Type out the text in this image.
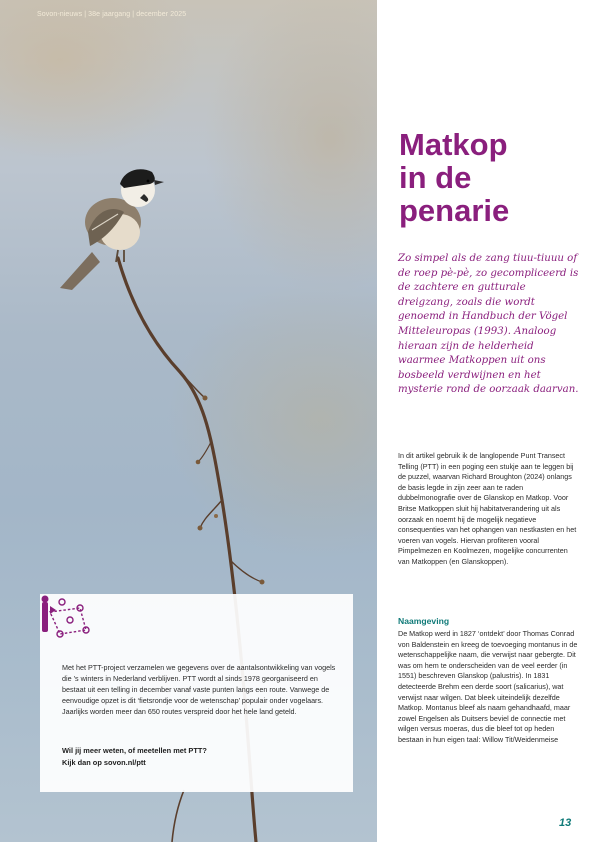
Sovon-nieuws | 38e jaargang | december 2025

Met het PTT-project verzamelen we gegevens over de aantalsontwikkeling van vogels die ’s winters in Nederland verblijven. PTT wordt al sinds 1978 georganiseerd en bestaat uit een telling in december vanaf vaste punten langs een route. Vanwege de eenvoudige opzet is dit ‘fietsrondje voor de wetenschap’ populair onder vogelaars. Jaarlijks worden meer dan 650 routes verspreid door het hele land geteld.

Wil jij meer weten, of meetellen met PTT?
Kijk dan op sovon.nl/ptt

Matkop
in de
penarie

Zo simpel als de zang tiuu-tiuuu of de roep pè-pè, zo gecompliceerd is de zachtere en gutturale dreigzang, zoals die wordt genoemd in Handbuch der Vögel Mitteleuropas (1993). Analoog hieraan zijn de helderheid waarmee Matkoppen uit ons bosbeeld verdwijnen en het mysterie rond de oorzaak daarvan.

In dit artikel gebruik ik de langlopende Punt Transect Telling (PTT) in een poging een stukje aan te leggen bij de puzzel, waarvan Richard Broughton (2024) onlangs de basis legde in zijn zeer aan te raden dubbelmonografie over de Glanskop en Matkop. Voor Britse Matkoppen sluit hij habitatverandering uit als oorzaak en noemt hij de mogelijk negatieve consequenties van het ophangen van nestkasten en het voeren van vogels. Hiervan profiteren vooral Pimpelmezen en Koolmezen, mogelijke concurrenten van Matkoppen (en Glanskoppen).

Naamgeving

De Matkop werd in 1827 ‘ontdekt’ door Thomas Conrad von Baldenstein en kreeg de toevoeging montanus in de wetenschappelijke naam, die verwijst naar gebergte. Dit was om hem te onderscheiden van de veel eerder (in 1551) beschreven Glanskop (palustris). In 1831 detecteerde Brehm een derde soort (salicarius), wat verwijst naar wilgen. Dat bleek uiteindelijk dezelfde Matkop. Montanus bleef als naam gehandhaafd, maar zowel Engelsen als Duitsers beviel de connectie met wilgen versus moeras, dus die bleef tot op heden bestaan in hun eigen taal: Willow Tit/Weidenmeise

13
